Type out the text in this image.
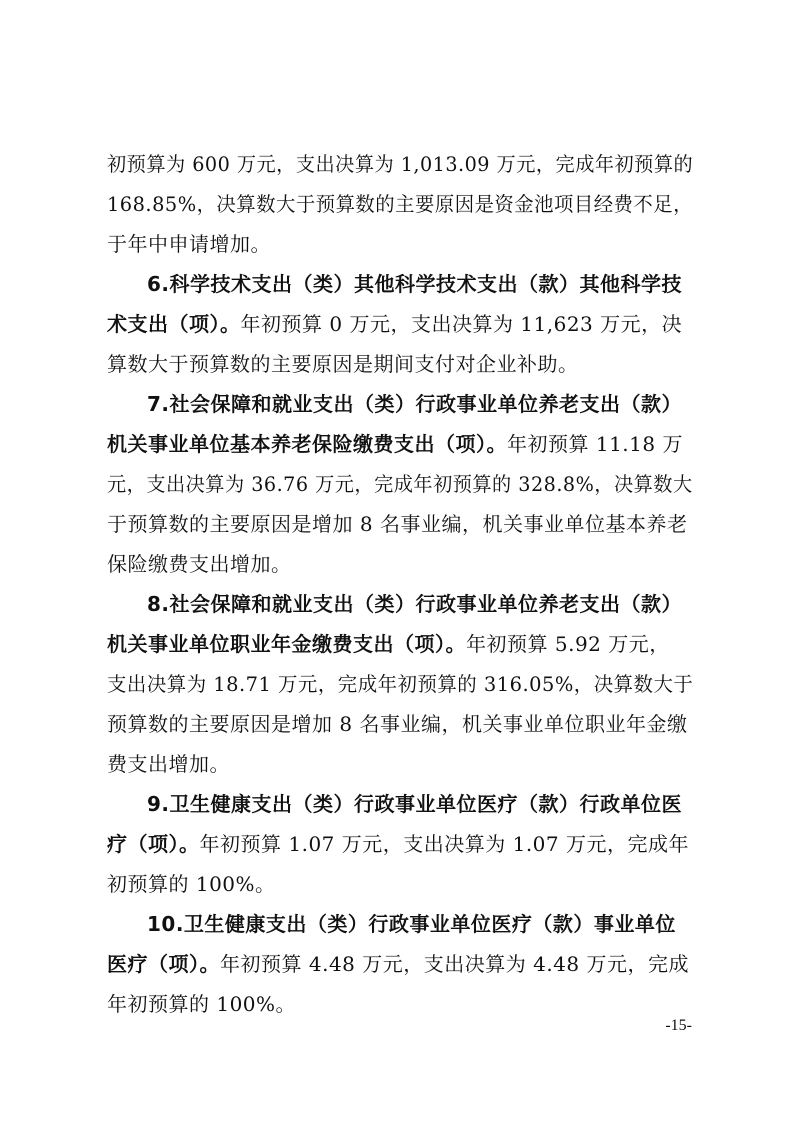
初预算为 600 万元，支出决算为 1,013.09 万元，完成年初预算的
168.85%，决算数大于预算数的主要原因是资金池项目经费不足，
于年中申请增加。
6.科学技术支出（类）其他科学技术支出（款）其他科学技
术支出（项）。年初预算 0 万元，支出决算为 11,623 万元，决
算数大于预算数的主要原因是期间支付对企业补助。
7.社会保障和就业支出（类）行政事业单位养老支出（款）
机关事业单位基本养老保险缴费支出（项）。年初预算 11.18 万
元，支出决算为 36.76 万元，完成年初预算的 328.8%，决算数大
于预算数的主要原因是增加 8 名事业编，机关事业单位基本养老
保险缴费支出增加。
8.社会保障和就业支出（类）行政事业单位养老支出（款）
机关事业单位职业年金缴费支出（项）。年初预算 5.92 万元，
支出决算为 18.71 万元，完成年初预算的 316.05%，决算数大于
预算数的主要原因是增加 8 名事业编，机关事业单位职业年金缴
费支出增加。
9.卫生健康支出（类）行政事业单位医疗（款）行政单位医
疗（项）。年初预算 1.07 万元，支出决算为 1.07 万元，完成年
初预算的 100%。
10.卫生健康支出（类）行政事业单位医疗（款）事业单位
医疗（项）。年初预算 4.48 万元，支出决算为 4.48 万元，完成
年初预算的 100%。
-15-
